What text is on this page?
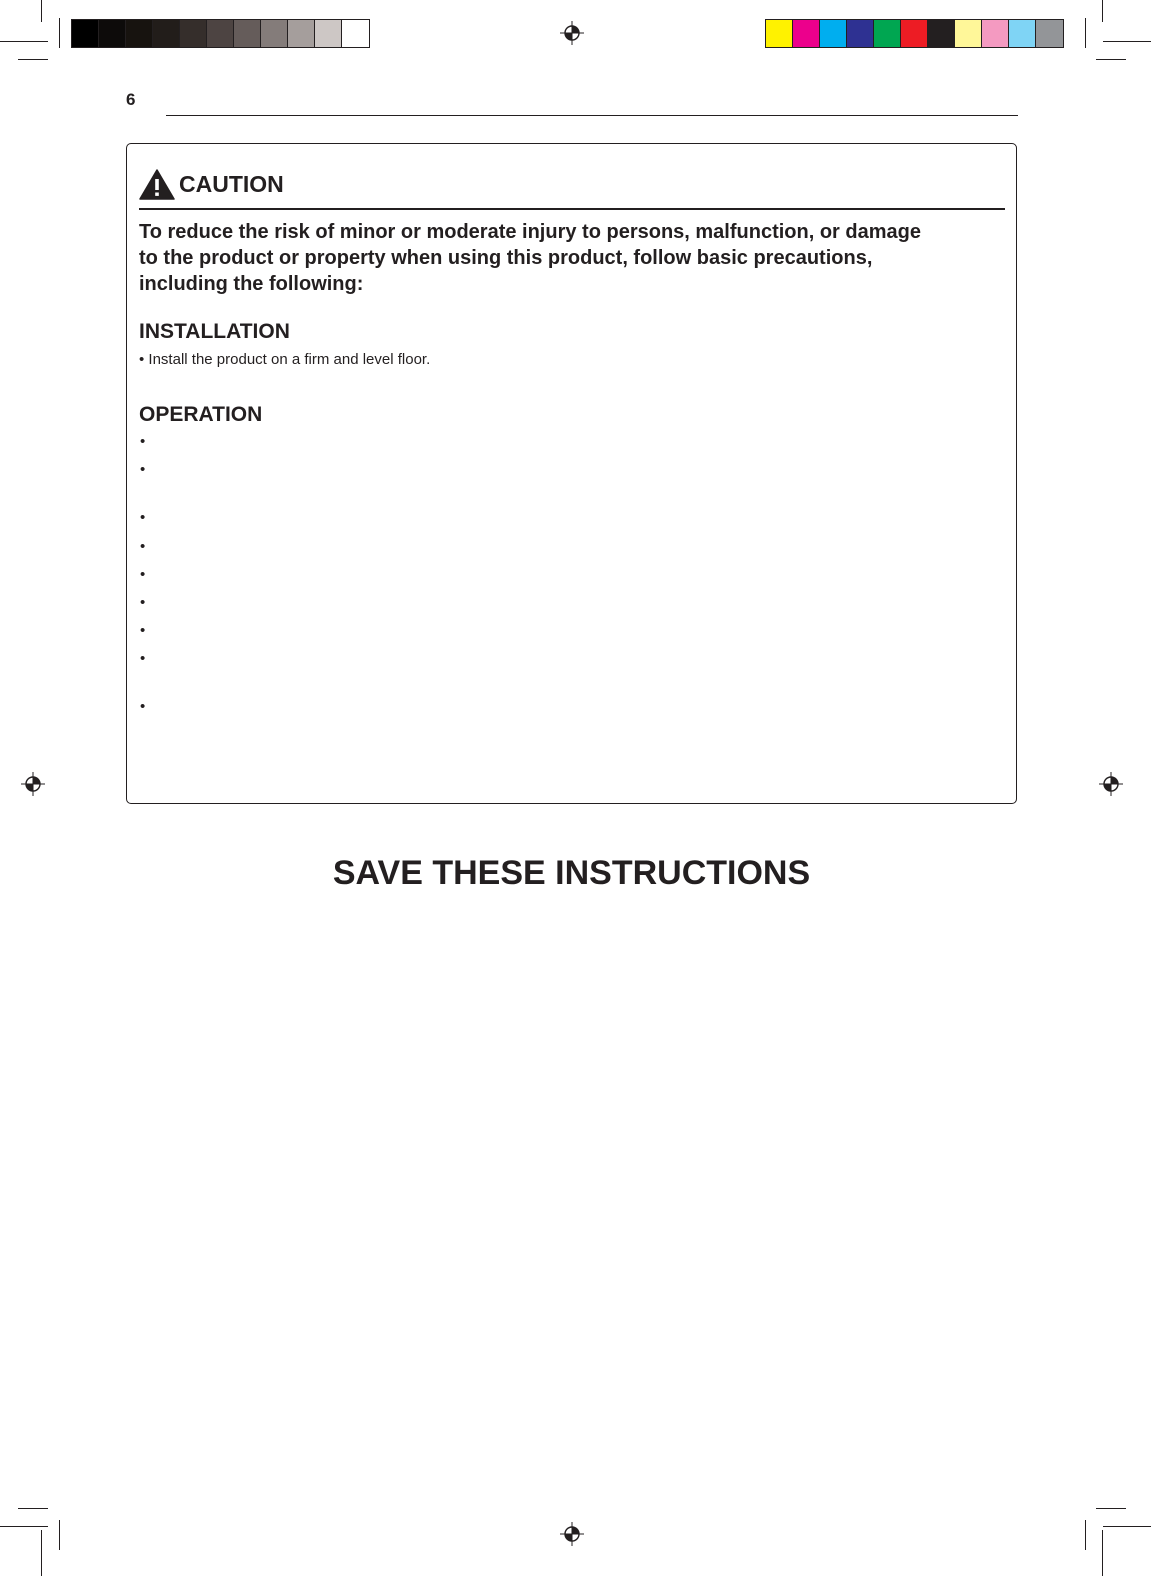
6
CAUTION
To reduce the risk of minor or moderate injury to persons, malfunction, or damage
to the product or property when using this product, follow basic precautions,
including the following:
INSTALLATION
• Install the product on a firm and level floor.
OPERATION
•
•
•
•
•
•
•
•
•
SAVE THESE INSTRUCTIONS
